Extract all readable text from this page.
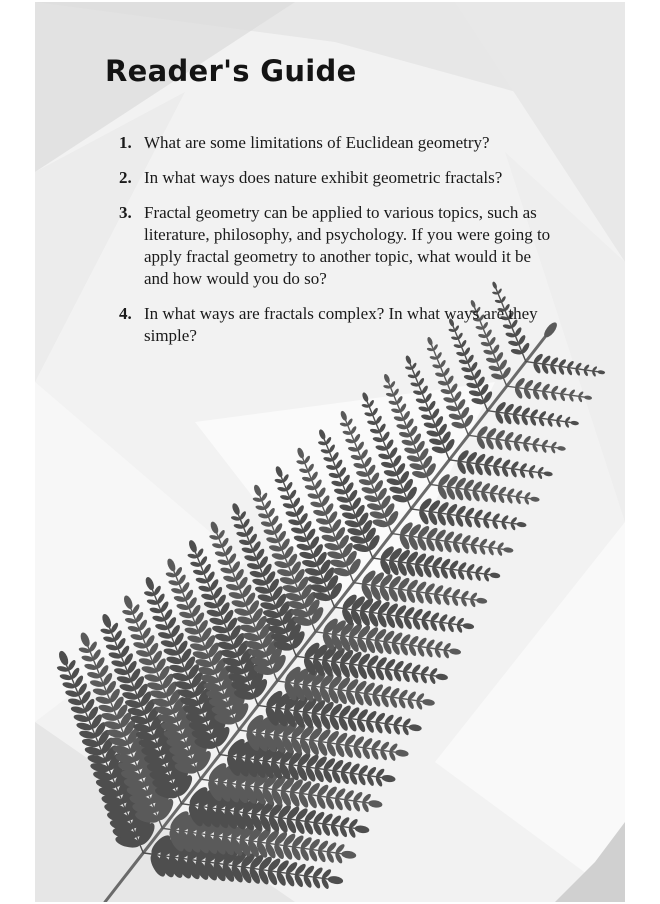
Reader's Guide
1. What are some limitations of Euclidean geometry?
2. In what ways does nature exhibit geometric fractals?
3. Fractal geometry can be applied to various topics, such as literature, philosophy, and psychology. If you were going to apply fractal geometry to another topic, what would it be and how would you do so?
4. In what ways are fractals complex? In what ways are they simple?
